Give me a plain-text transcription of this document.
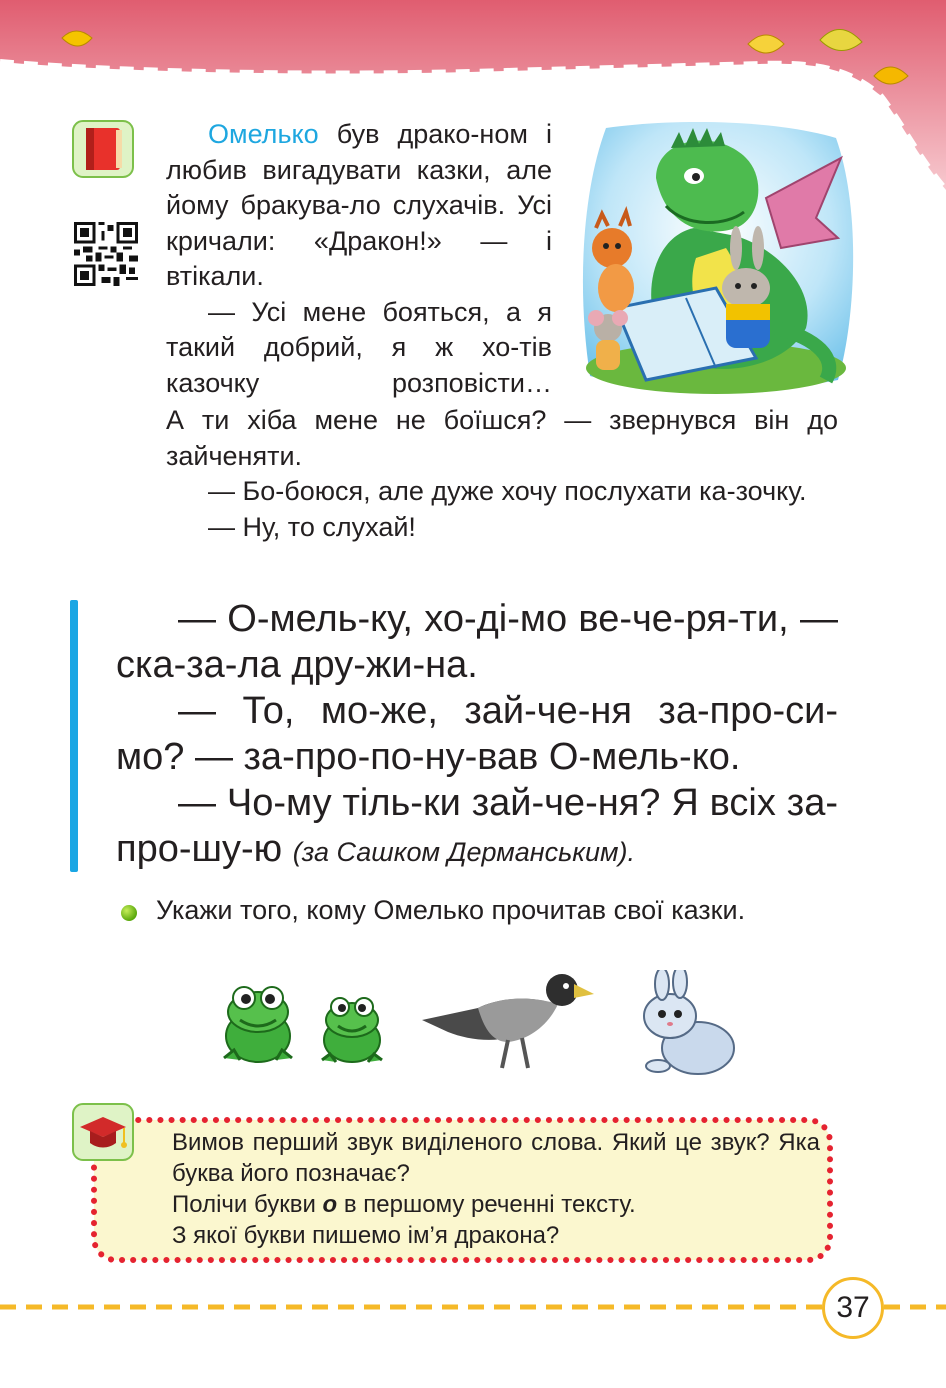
Омелько був драко-ном і любив вигадувати казки, але йому бракува-ло слухачів. Усі кричали: «Дракон!» — і втікали.

— Усі мене бояться, а я такий добрий, я ж хо-тів казочку розповісти…

А ти хіба мене не боїшся? — звернувся він до зайченяти.

— Бо-боюся, але дуже хочу послухати ка-зочку.

— Ну, то слухай!

— О-мель-ку, хо-ді-мо ве-че-ря-ти, — ска-за-ла дру-жи-на.

— То, мо-же, зай-че-ня за-про-си-мо? — за-про-по-ну-вав О-мель-ко.

— Чо-му тіль-ки зай-че-ня? Я всіх за-про-шу-ю (за Сашком Дерманським).

Укажи того, кому Омелько прочитав свої казки.

Вимов перший звук виділеного слова. Який це звук? Яка буква його позначає?

Полічи букви о в першому реченні тексту.

З якої букви пишемо ім’я дракона?

37
